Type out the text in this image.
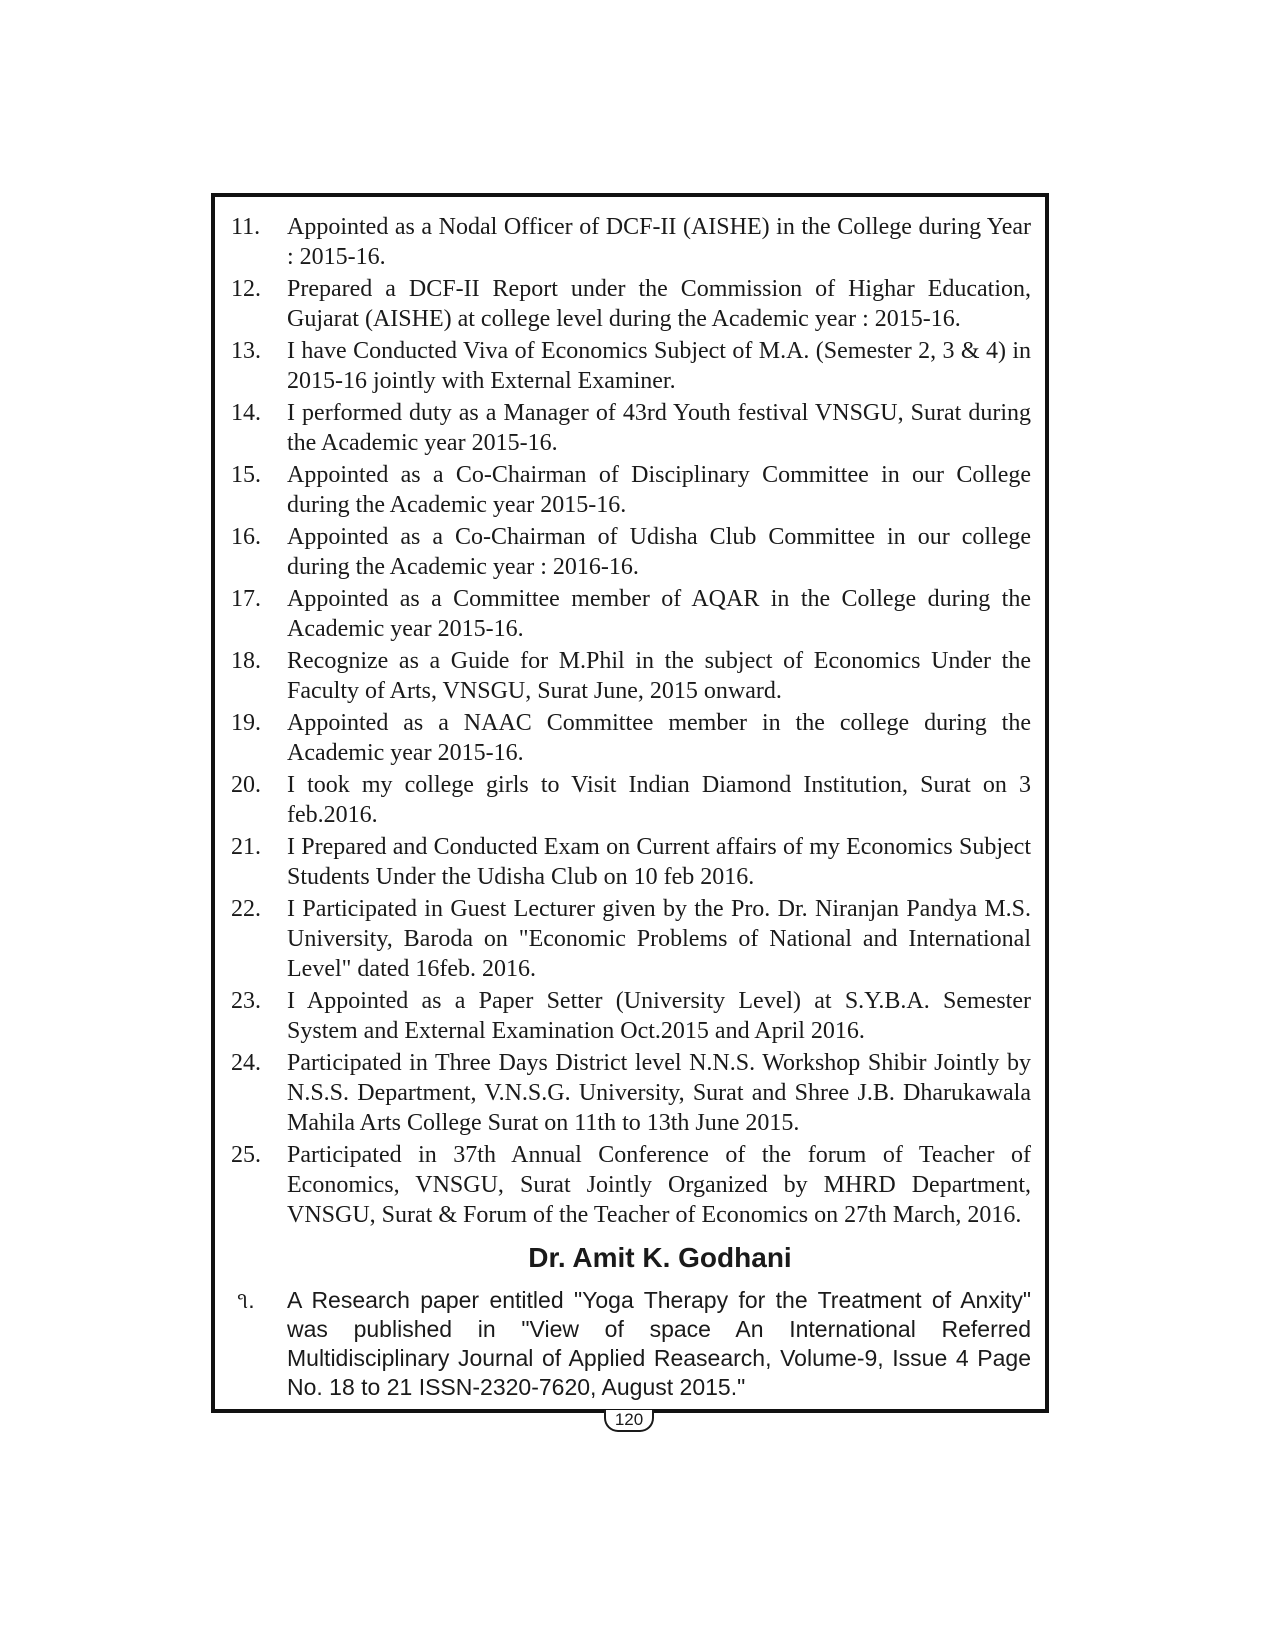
11.	Appointed as a Nodal Officer of DCF-II (AISHE) in the College during Year : 2015-16.
12.	Prepared a DCF-II Report under the Commission of Highar Education, Gujarat (AISHE) at college level during the Academic year : 2015-16.
13.	I have Conducted Viva of Economics Subject of M.A. (Semester 2, 3 & 4) in 2015-16 jointly with External Examiner.
14.	I performed duty as a Manager of 43rd Youth festival VNSGU, Surat during the Academic year 2015-16.
15.	Appointed as a Co-Chairman of Disciplinary Committee in our College during the Academic year 2015-16.
16.	Appointed as a Co-Chairman of Udisha Club Committee in our college during the Academic year : 2016-16.
17.	Appointed as a Committee member of AQAR in the College during the Academic year 2015-16.
18.	Recognize as a Guide for M.Phil in the subject of Economics Under the Faculty of Arts, VNSGU, Surat June, 2015 onward.
19.	Appointed as a NAAC Committee member in the college during the Academic year 2015-16.
20.	I took my college girls to Visit Indian Diamond Institution, Surat on 3 feb.2016.
21.	I Prepared and Conducted Exam on Current affairs of my Economics Subject Students Under the Udisha Club on 10 feb 2016.
22.	I Participated in Guest Lecturer given by the Pro. Dr. Niranjan Pandya M.S. University, Baroda on "Economic Problems of National and International Level" dated 16feb. 2016.
23.	I Appointed as a Paper Setter (University Level) at S.Y.B.A. Semester System and External Examination Oct.2015 and April 2016.
24.	Participated in Three Days District level N.N.S. Workshop Shibir Jointly by N.S.S. Department, V.N.S.G. University, Surat and Shree J.B. Dharukawala Mahila Arts College Surat on 11th to 13th June 2015.
25.	Participated in 37th Annual Conference of the forum of Teacher of Economics, VNSGU, Surat Jointly Organized by MHRD Department, VNSGU, Surat & Forum of the Teacher of Economics on 27th March, 2016.
Dr. Amit K. Godhani
૧.	A Research paper entitled "Yoga Therapy for the Treatment of Anxity" was published in "View of space An International Referred Multidisciplinary Journal of Applied Reasearch, Volume-9, Issue 4 Page No. 18 to 21 ISSN-2320-7620, August 2015."
120
